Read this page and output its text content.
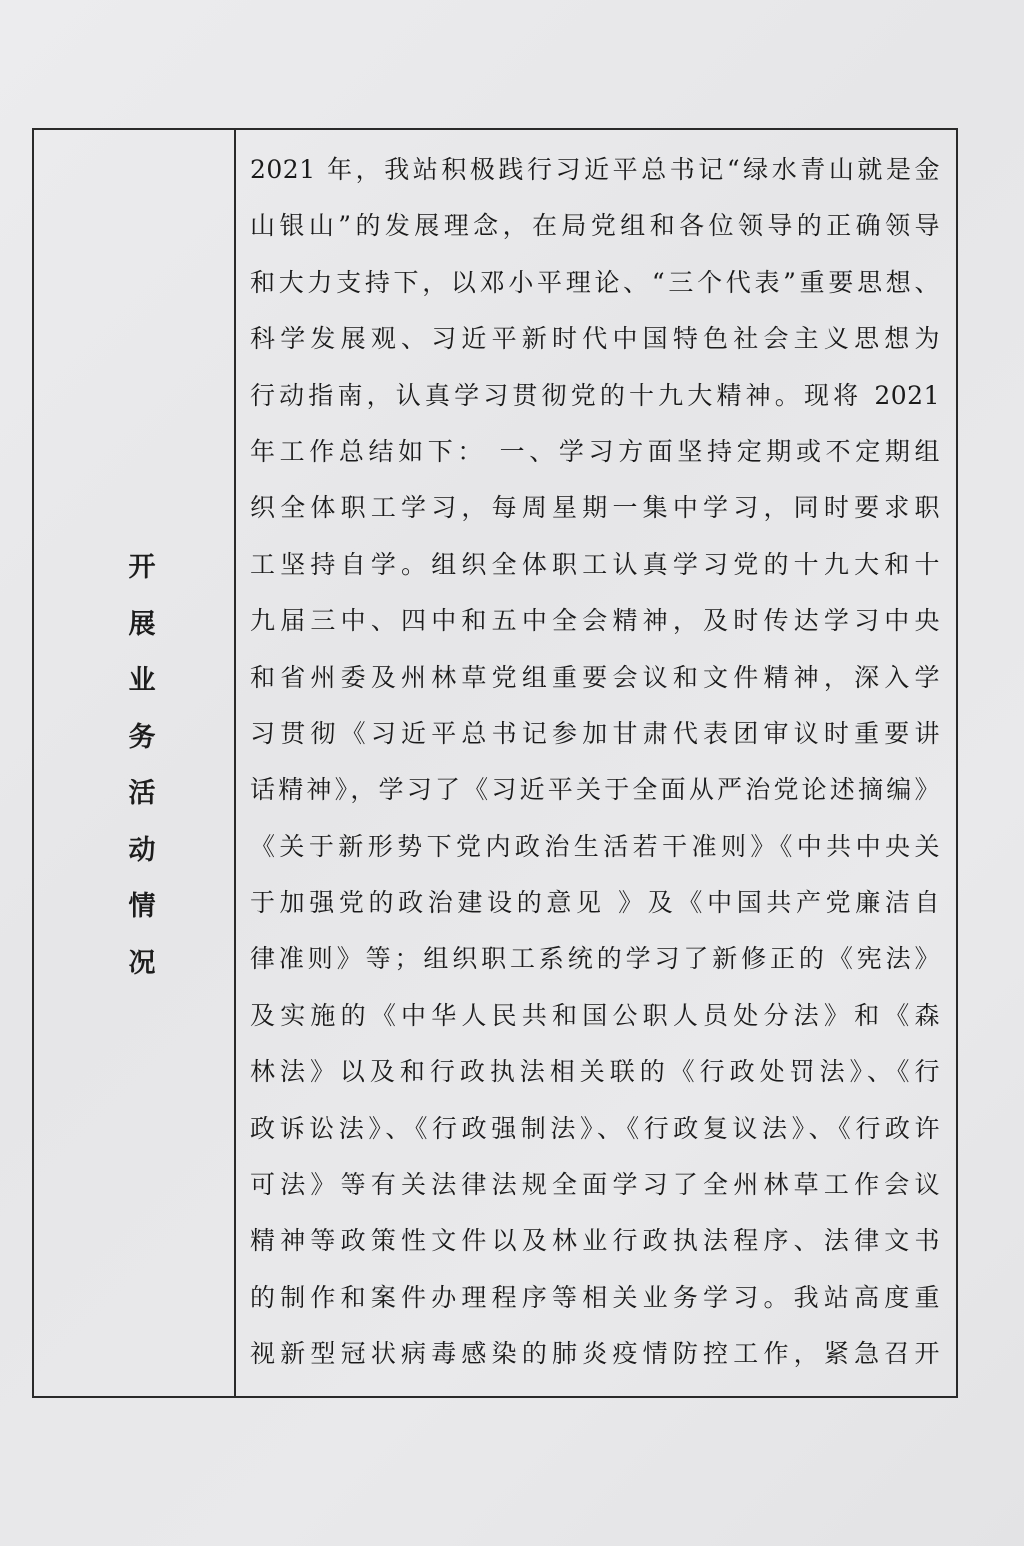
开展业务活动情况
2021 年，我站积极践行习近平总书记“绿水青山就是金
山银山”的发展理念，在局党组和各位领导的正确领导
和大力支持下，以邓小平理论、“三个代表”重要思想、
科学发展观、习近平新时代中国特色社会主义思想为
行动指南，认真学习贯彻党的十九大精神。现将 2021
年工作总结如下： 一、学习方面坚持定期或不定期组
织全体职工学习，每周星期一集中学习，同时要求职
工坚持自学。组织全体职工认真学习党的十九大和十
九届三中、四中和五中全会精神，及时传达学习中央
和省州委及州林草党组重要会议和文件精神，深入学
习贯彻《习近平总书记参加甘肃代表团审议时重要讲
话精神》，学习了《习近平关于全面从严治党论述摘编》
《关于新形势下党内政治生活若干准则》《中共中央关
于加强党的政治建设的意见 》及《中国共产党廉洁自
律准则》等；组织职工系统的学习了新修正的《宪法》
及实施的《中华人民共和国公职人员处分法》和《森
林法》以及和行政执法相关联的《行政处罚法》、《行
政诉讼法》、《行政强制法》、《行政复议法》、《行政许
可法》等有关法律法规全面学习了全州林草工作会议
精神等政策性文件以及林业行政执法程序、法律文书
的制作和案件办理程序等相关业务学习。我站高度重
视新型冠状病毒感染的肺炎疫情防控工作，紧急召开
